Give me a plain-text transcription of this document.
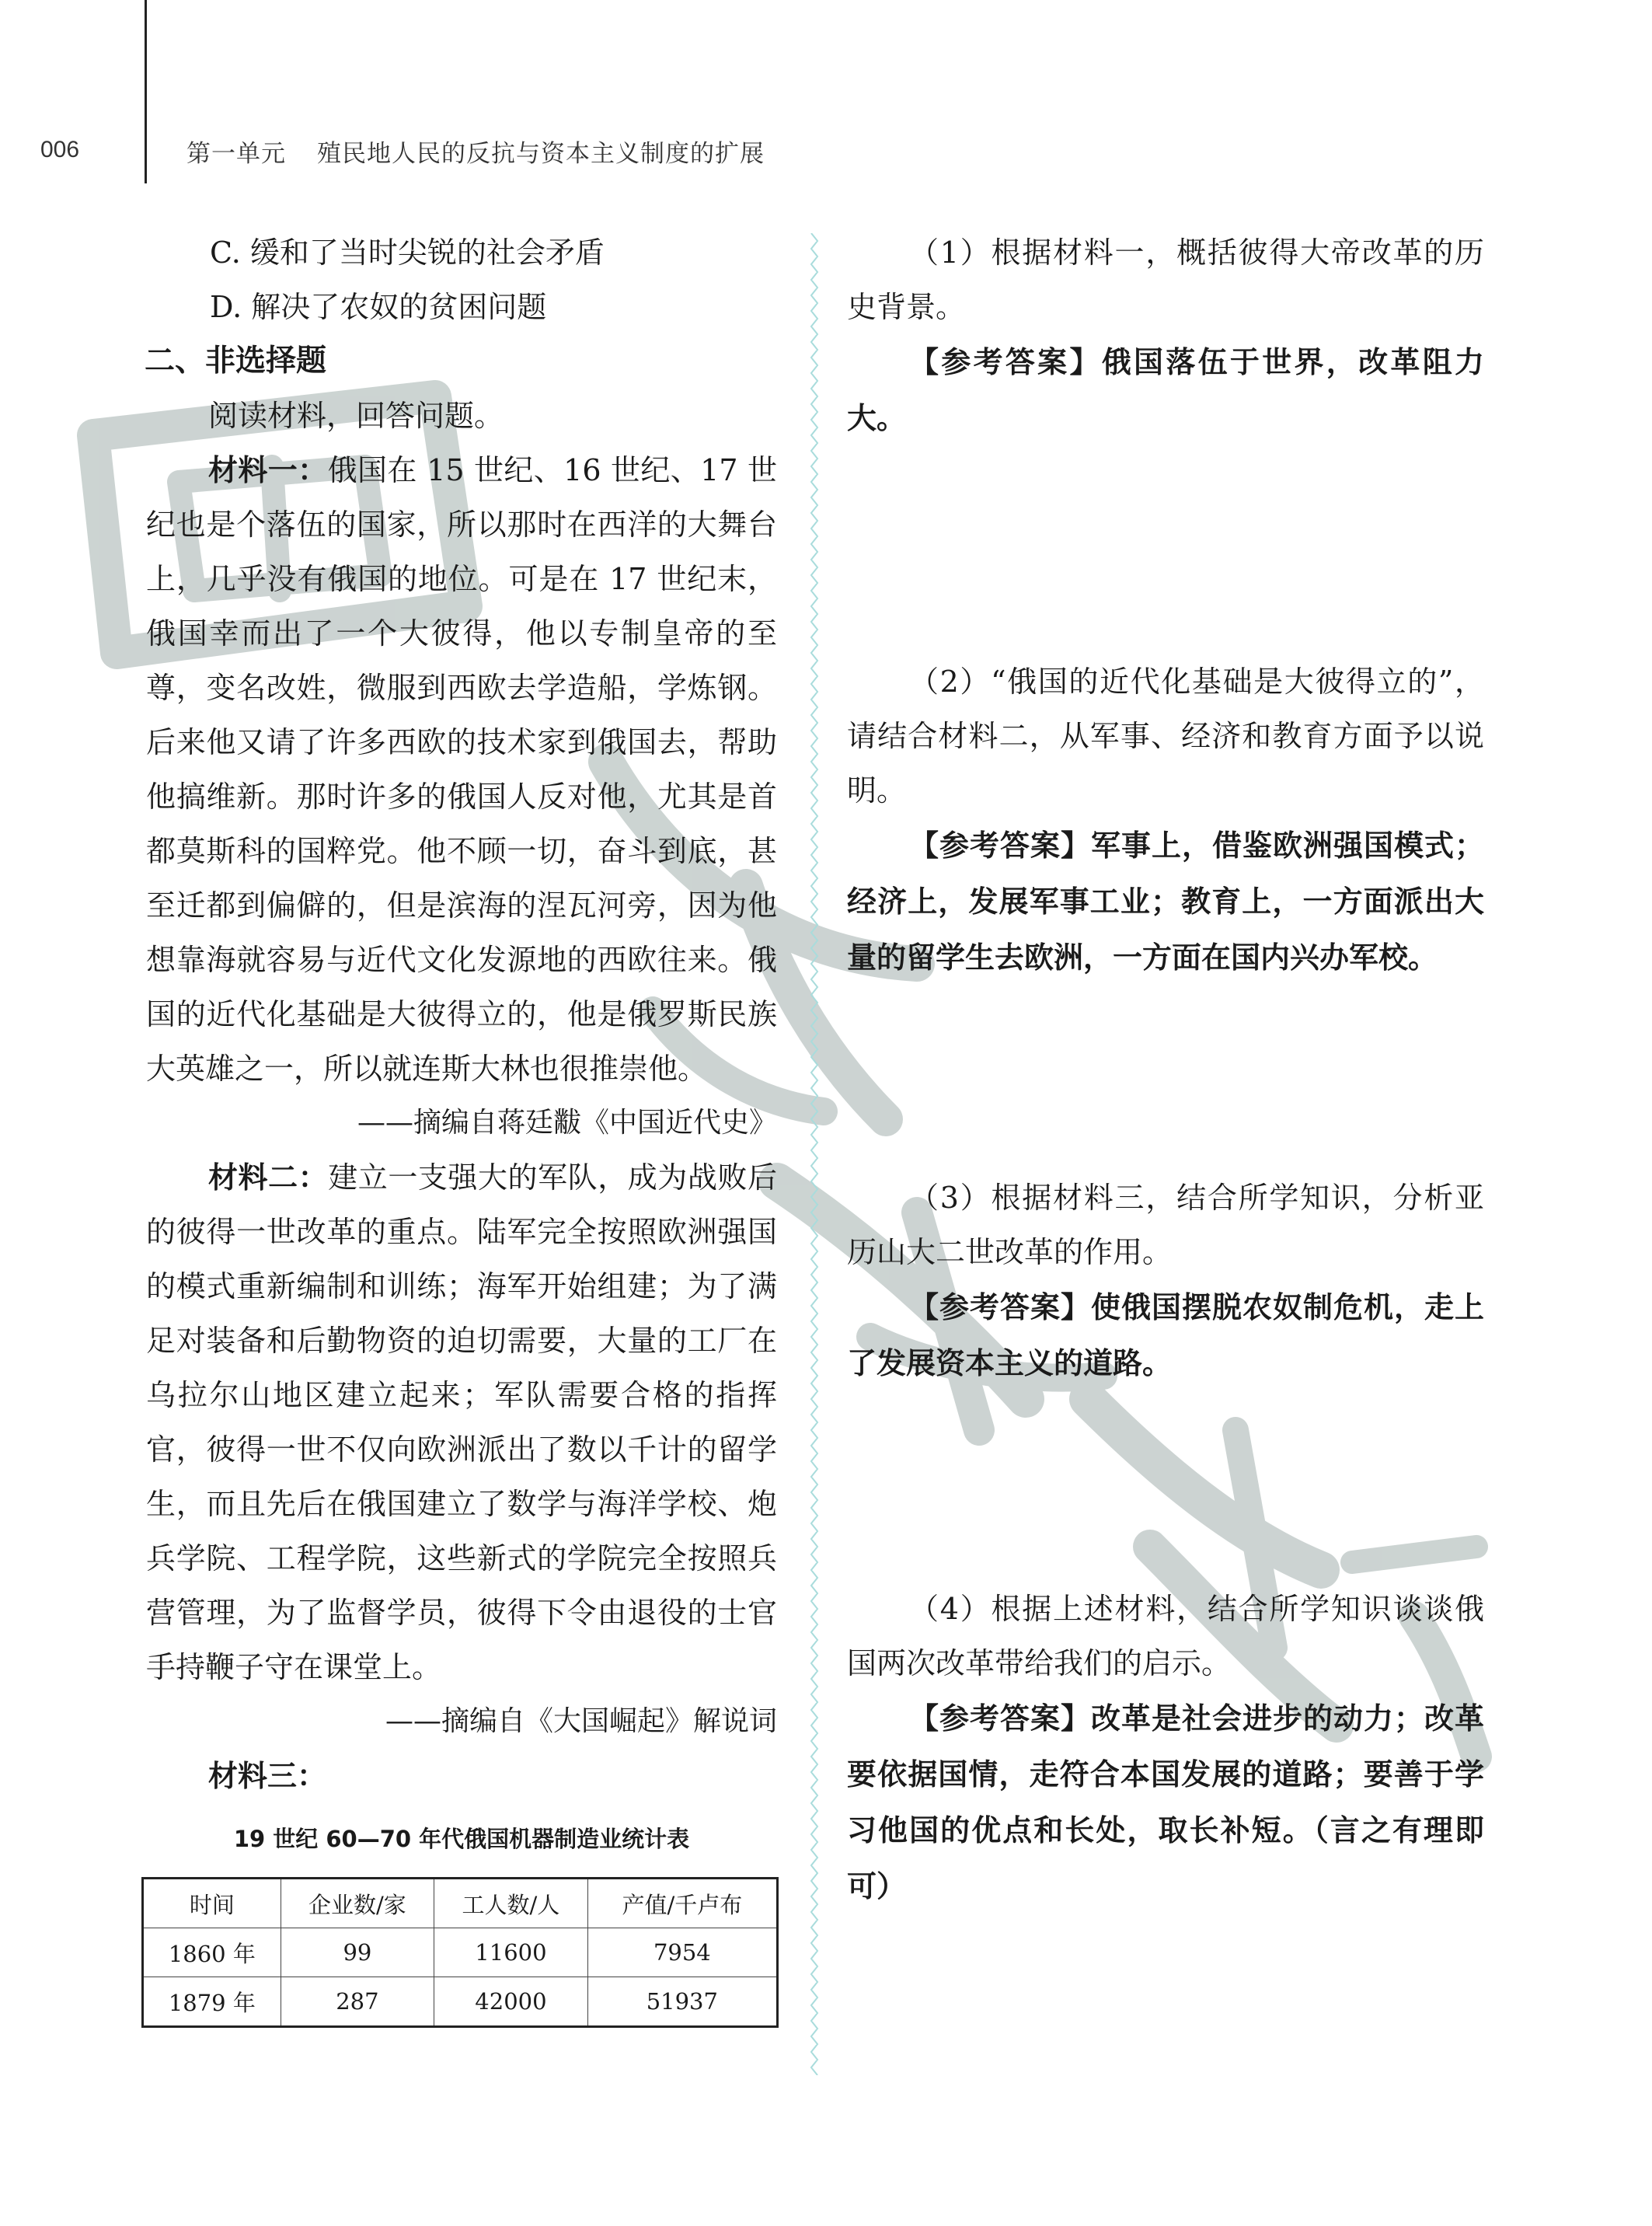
006	第一单元 殖民地人民的反抗与资本主义制度的扩展

C. 缓和了当时尖锐的社会矛盾

D. 解决了农奴的贫困问题

二、非选择题

阅读材料，回答问题。

材料一：俄国在 15 世纪、16 世纪、17 世纪也是个落伍的国家，所以那时在西洋的大舞台上，几乎没有俄国的地位。可是在 17 世纪末，俄国幸而出了一个大彼得，他以专制皇帝的至尊，变名改姓，微服到西欧去学造船，学炼钢。后来他又请了许多西欧的技术家到俄国去，帮助他搞维新。那时许多的俄国人反对他，尤其是首都莫斯科的国粹党。他不顾一切，奋斗到底，甚至迁都到偏僻的，但是滨海的涅瓦河旁，因为他想靠海就容易与近代文化发源地的西欧往来。俄国的近代化基础是大彼得立的，他是俄罗斯民族大英雄之一，所以就连斯大林也很推崇他。

——摘编自蒋廷黻《中国近代史》

材料二：建立一支强大的军队，成为战败后的彼得一世改革的重点。陆军完全按照欧洲强国的模式重新编制和训练；海军开始组建；为了满足对装备和后勤物资的迫切需要，大量的工厂在乌拉尔山地区建立起来；军队需要合格的指挥官，彼得一世不仅向欧洲派出了数以千计的留学生，而且先后在俄国建立了数学与海洋学校、炮兵学院、工程学院，这些新式的学院完全按照兵营管理，为了监督学员，彼得下令由退役的士官手持鞭子守在课堂上。

——摘编自《大国崛起》解说词

材料三：

19 世纪 60—70 年代俄国机器制造业统计表
时间	企业数/家	工人数/人	产值/千卢布
1860 年	99	11600	7954
1879 年	287	42000	51937

（1）根据材料一，概括彼得大帝改革的历史背景。

【参考答案】俄国落伍于世界，改革阻力大。

（2）“俄国的近代化基础是大彼得立的”，请结合材料二，从军事、经济和教育方面予以说明。

【参考答案】军事上，借鉴欧洲强国模式；经济上，发展军事工业；教育上，一方面派出大量的留学生去欧洲，一方面在国内兴办军校。

（3）根据材料三，结合所学知识，分析亚历山大二世改革的作用。

【参考答案】使俄国摆脱农奴制危机，走上了发展资本主义的道路。

（4）根据上述材料，结合所学知识谈谈俄国两次改革带给我们的启示。

【参考答案】改革是社会进步的动力；改革要依据国情，走符合本国发展的道路；要善于学习他国的优点和长处，取长补短。（言之有理即可）
